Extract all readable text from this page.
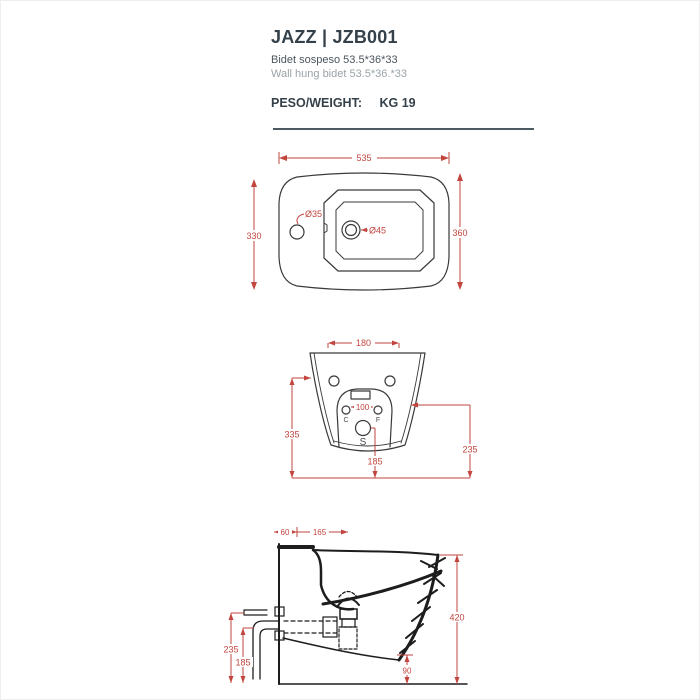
JAZZ | JZB001
Bidet sospeso 53.5*36*33
Wall hung bidet 53.5*36.*33
PESO/WEIGHT: KG 19
535
Ø35
Ø45
330	360
180
100
C	F
S
185
335
235
60	165
235
185
420
90
